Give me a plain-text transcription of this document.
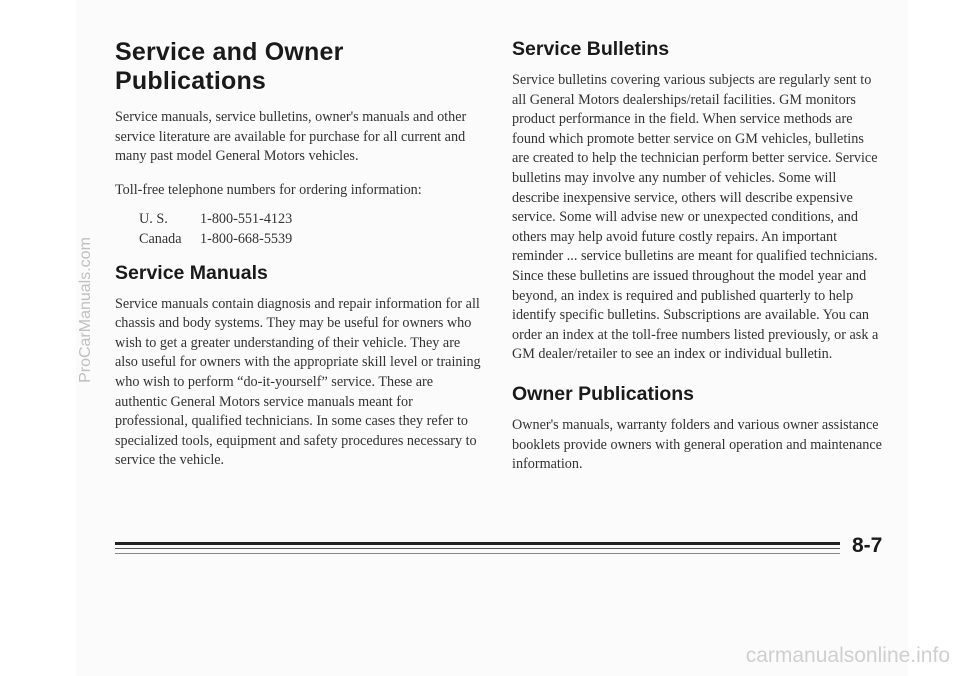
ProCarManuals.com
Service and Owner Publications

Service manuals, service bulletins, owner's manuals and other service literature are available for purchase for all current and many past model General Motors vehicles.

Toll-free telephone numbers for ordering information:

U. S.	1-800-551-4123
Canada	1-800-668-5539
Service Manuals

Service manuals contain diagnosis and repair information for all chassis and body systems. They may be useful for owners who wish to get a greater understanding of their vehicle. They are also useful for owners with the appropriate skill level or training who wish to perform “do-it-yourself” service. These are authentic General Motors service manuals meant for professional, qualified technicians. In some cases they refer to specialized tools, equipment and safety procedures necessary to service the vehicle.

Service Bulletins

Service bulletins covering various subjects are regularly sent to all General Motors dealerships/retail facilities. GM monitors product performance in the field. When service methods are found which promote better service on GM vehicles, bulletins are created to help the technician perform better service. Service bulletins may involve any number of vehicles. Some will describe inexpensive service, others will describe expensive service. Some will advise new or unexpected conditions, and others may help avoid future costly repairs. An important reminder ... service bulletins are meant for qualified technicians. Since these bulletins are issued throughout the model year and beyond, an index is required and published quarterly to help identify specific bulletins. Subscriptions are available. You can order an index at the toll-free numbers listed previously, or ask a GM dealer/retailer to see an index or individual bulletin.

Owner Publications

Owner's manuals, warranty folders and various owner assistance booklets provide owners with general operation and maintenance information.

8-7
carmanualsonline.info
